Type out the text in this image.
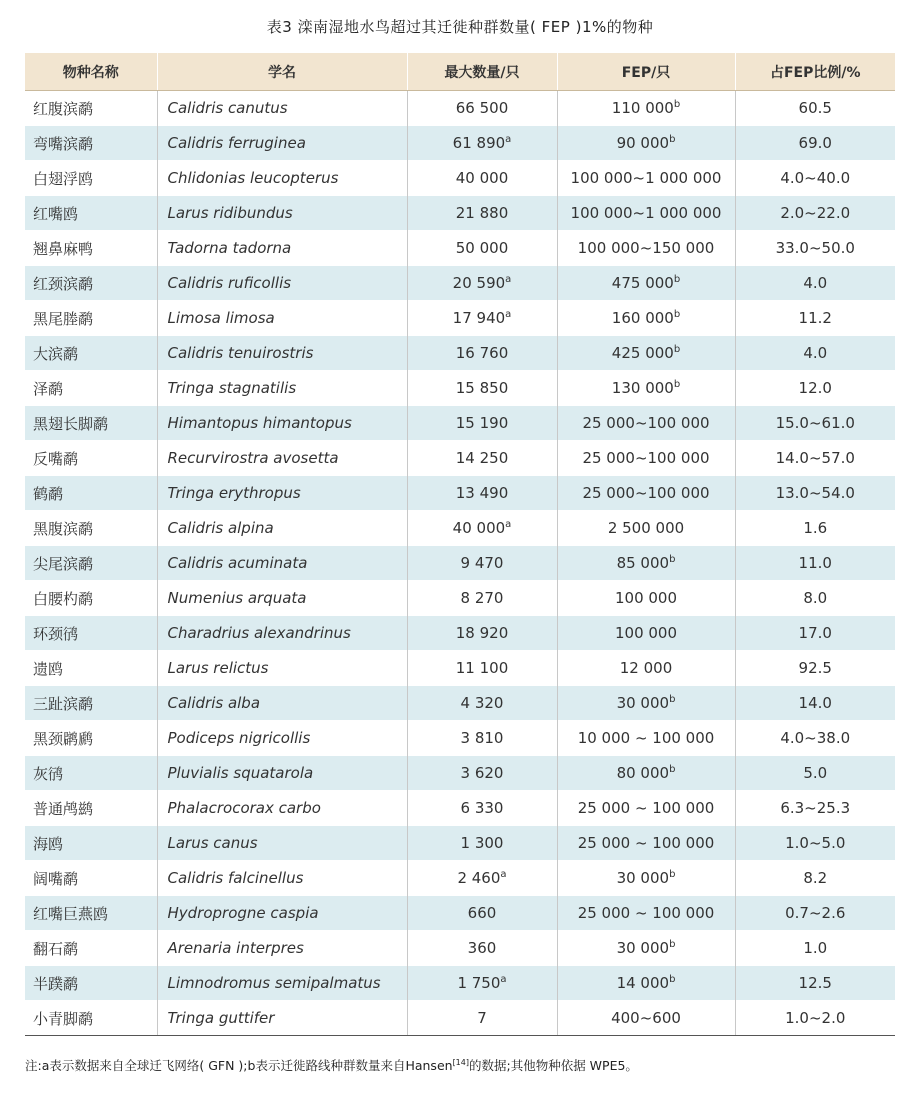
表3 滦南湿地水鸟超过其迁徙种群数量( FEP )1%的物种
物种名称	学名	最大数量/只	FEP/只	占FEP比例/%
红腹滨鹬	Calidris canutus	66 500	110 000$^b$	60.5
弯嘴滨鹬	Calidris ferruginea	61 890$^a$	90 000$^b$	69.0
白翅浮鸥	Chlidonias leucopterus	40 000	100 000~1 000 000	4.0~40.0
红嘴鸥	Larus ridibundus	21 880	100 000~1 000 000	2.0~22.0
翘鼻麻鸭	Tadorna tadorna	50 000	100 000~150 000	33.0~50.0
红颈滨鹬	Calidris ruficollis	20 590$^a$	475 000$^b$	4.0
黑尾塍鹬	Limosa limosa	17 940$^a$	160 000$^b$	11.2
大滨鹬	Calidris tenuirostris	16 760	425 000$^b$	4.0
泽鹬	Tringa stagnatilis	15 850	130 000$^b$	12.0
黑翅长脚鹬	Himantopus himantopus	15 190	25 000~100 000	15.0~61.0
反嘴鹬	Recurvirostra avosetta	14 250	25 000~100 000	14.0~57.0
鹤鹬	Tringa erythropus	13 490	25 000~100 000	13.0~54.0
黑腹滨鹬	Calidris alpina	40 000$^a$	2 500 000	1.6
尖尾滨鹬	Calidris acuminata	9 470	85 000$^b$	11.0
白腰杓鹬	Numenius arquata	8 270	100 000	8.0
环颈鸻	Charadrius alexandrinus	18 920	100 000	17.0
遗鸥	Larus relictus	11 100	12 000	92.5
三趾滨鹬	Calidris alba	4 320	30 000$^b$	14.0
黑颈䴙䴘	Podiceps nigricollis	3 810	10 000 ~ 100 000	4.0~38.0
灰鸻	Pluvialis squatarola	3 620	80 000$^b$	5.0
普通鸬鹚	Phalacrocorax carbo	6 330	25 000 ~ 100 000	6.3~25.3
海鸥	Larus canus	1 300	25 000 ~ 100 000	1.0~5.0
阔嘴鹬	Calidris falcinellus	2 460$^a$	30 000$^b$	8.2
红嘴巨燕鸥	Hydroprogne caspia	660	25 000 ~ 100 000	0.7~2.6
翻石鹬	Arenaria interpres	360	30 000$^b$	1.0
半蹼鹬	Limnodromus semipalmatus	1 750$^a$	14 000$^b$	12.5
小青脚鹬	Tringa guttifer	7	400~600	1.0~2.0
注:a表示数据来自全球迁飞网络( GFN );b表示迁徙路线种群数量来自Hansen[14]的数据;其他物种依据 WPE5。
